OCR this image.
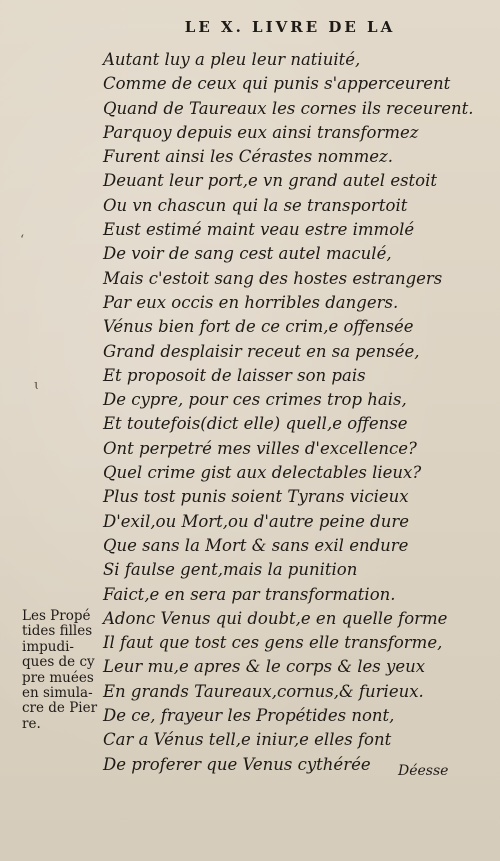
LE X. LIVRE DE LA
Autant luy a pleu leur natiuité,
Comme de ceux qui punis s'apperceurent
Quand de Taureaux les cornes ils receurent.
Parquoy depuis eux ainsi transformez
Furent ainsi les Cérastes nommez.
Deuant leur port,e vn grand autel estoit
Ou vn chascun qui la se transportoit
Eust estimé maint veau estre immolé
De voir de sang cest autel maculé,
Mais c'estoit sang des hostes estrangers
Par eux occis en horribles dangers.
Vénus bien fort de ce crim,e offensée
Grand desplaisir receut en sa pensée,
Et proposoit de laisser son pais
De cypre, pour ces crimes trop hais,
Et toutefois(dict elle) quell,e offense
Ont perpetré mes villes d'excellence?
Quel crime gist aux delectables lieux?
Plus tost punis soient Tyrans vicieux
D'exil,ou Mort,ou d'autre peine dure
Que sans la Mort & sans exil endure
Si faulse gent,mais la punition
Faict,e en sera par transformation.
Adonc Venus qui doubt,e en quelle forme
Il faut que tost ces gens elle transforme,
Leur mu,e apres & le corps & les yeux
En grands Taureaux,cornus,& furieux.
De ce, frayeur les Propétides nont,
Car a Vénus tell,e iniur,e elles font
De proferer que Venus cythérée
Les Propé
tides filles
impudi-
ques de cy
pre muées
en simula-
cre de Pier
re.
Déesse
ʻ
ɩ
